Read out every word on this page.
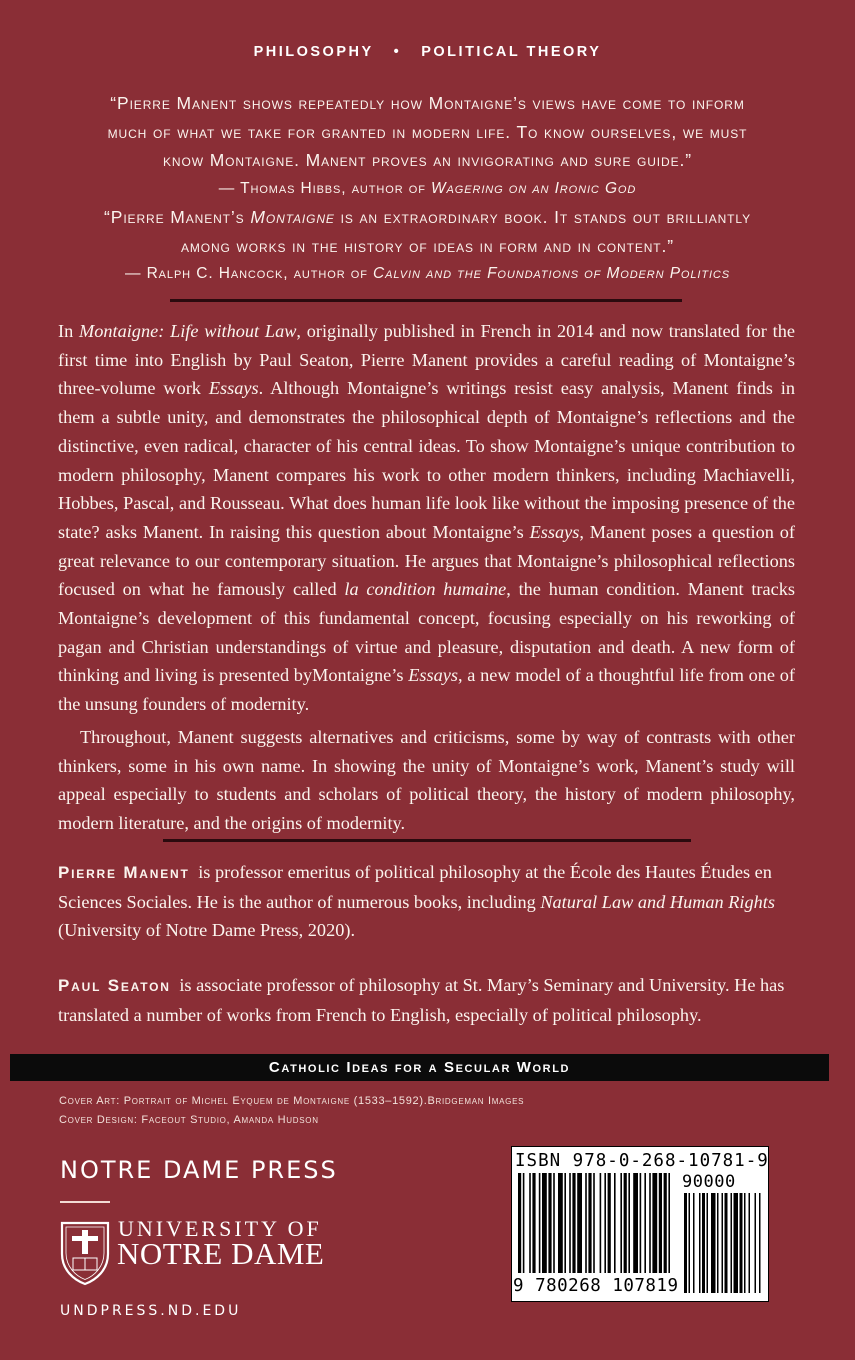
PHILOSOPHY • POLITICAL THEORY
“Pierre Manent shows repeatedly how Montaigne’s views have come to inform
much of what we take for granted in modern life. To know ourselves, we must
know Montaigne. Manent proves an invigorating and sure guide.”
— Thomas Hibbs, author of Wagering on an Ironic God
“Pierre Manent’s Montaigne is an extraordinary book. It stands out brilliantly
among works in the history of ideas in form and in content.”
— Ralph C. Hancock, author of Calvin and the Foundations of Modern Politics

In Montaigne: Life without Law, originally published in French in 2014 and now translated for the first time into English by Paul Seaton, Pierre Manent provides a careful reading of Montaigne’s three-volume work Essays. Although Montaigne’s writings resist easy analysis, Manent finds in them a subtle unity, and demonstrates the philosophical depth of Montaigne’s reflections and the distinctive, even radical, character of his central ideas. To show Montaigne’s unique contribution to modern philosophy, Manent compares his work to other modern thinkers, including Machiavelli, Hobbes, Pascal, and Rousseau. What does human life look like without the imposing presence of the state? asks Manent. In raising this question about Montaigne’s Essays, Manent poses a question of great relevance to our contemporary situation. He argues that Montaigne’s philosophical reflections focused on what he famously called la condition humaine, the human condition. Manent tracks Montaigne’s development of this fundamental concept, focusing especially on his reworking of pagan and Christian understandings of virtue and pleasure, disputation and death. A new form of thinking and living is presented byMontaigne’s Essays, a new model of a thoughtful life from one of the unsung founders of modernity.

Throughout, Manent suggests alternatives and criticisms, some by way of contrasts with other thinkers, some in his own name. In showing the unity of Montaigne’s work, Manent’s study will appeal especially to students and scholars of political theory, the history of modern philosophy, modern literature, and the origins of modernity.

Pierre Manent is professor emeritus of political philosophy at the École des Hautes Études en Sciences Sociales. He is the author of numerous books, including Natural Law and Human Rights (University of Notre Dame Press, 2020).
Paul Seaton is associate professor of philosophy at St. Mary’s Seminary and University. He has translated a number of works from French to English, especially of political philosophy.
Catholic Ideas for a Secular World
Cover Art: Portrait of Michel Eyquem de Montaigne (1533–1592).Bridgeman Images
Cover Design: Faceout Studio, Amanda Hudson
NOTRE DAME PRESS
UNIVERSITY OF
NOTRE DAME
UNDPRESS.ND.EDU
ISBN 978-0-268-10781-9
90000
9 780268 107819
